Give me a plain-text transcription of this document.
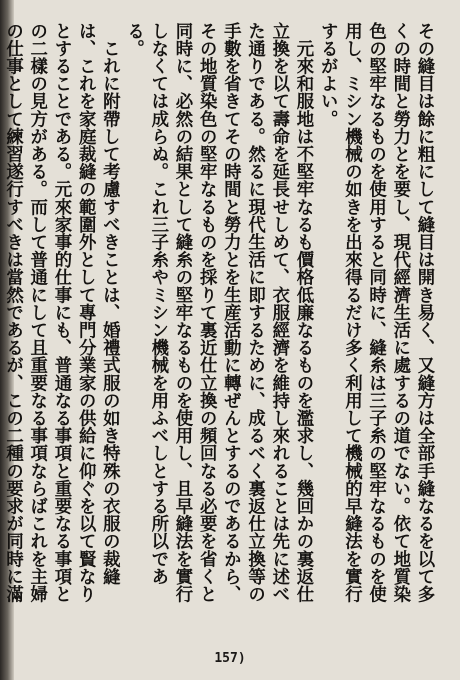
その縫目は餘に粗にして縫目は開き易く、又縫方は全部手縫なるを以て多くの時間と勞力とを要し、現代經濟生活に處するの道でない。依て地質染色の堅牢なるものを使用すると同時に、縫糸は三子糸の堅牢なるものを使用し、ミシン機械の如きを出來得るだけ多く利用して機械的早縫法を實行するがよい。

元來和服地は不堅牢なるも價格低廉なるものを濫求し、幾回かの裏返仕立換を以て壽命を延長せしめて、衣服經濟を維持し來れることは先に述べた通りである。然るに現代生活に即するために、成るべく裏返仕立換等の手數を省きてその時間と勞力とを生産活動に轉ぜんとするのであるから、その地質染色の堅牢なるものを採りて裏近仕立換の頻回なる必要を省くと同時に、必然の結果として縫糸の堅牢なるものを使用し、且早縫法を實行しなくては成らぬ。これ三子糸やミシン機械を用ふべしとする所以である。

これに附帶して考慮すべきことは、婚禮式服の如き特殊の衣服の裁縫は、これを家庭裁縫の範圍外として專門分業家の供給に仰ぐを以て賢なりとすることである。元來家事的仕事にも、普通なる事項と重要なる事項との二樣の見方がある。而して普通にして且重要なる事項ならばこれを主婦の仕事として練習遂行すべきは當然であるが、この二種の要求が同時に滿

157)
